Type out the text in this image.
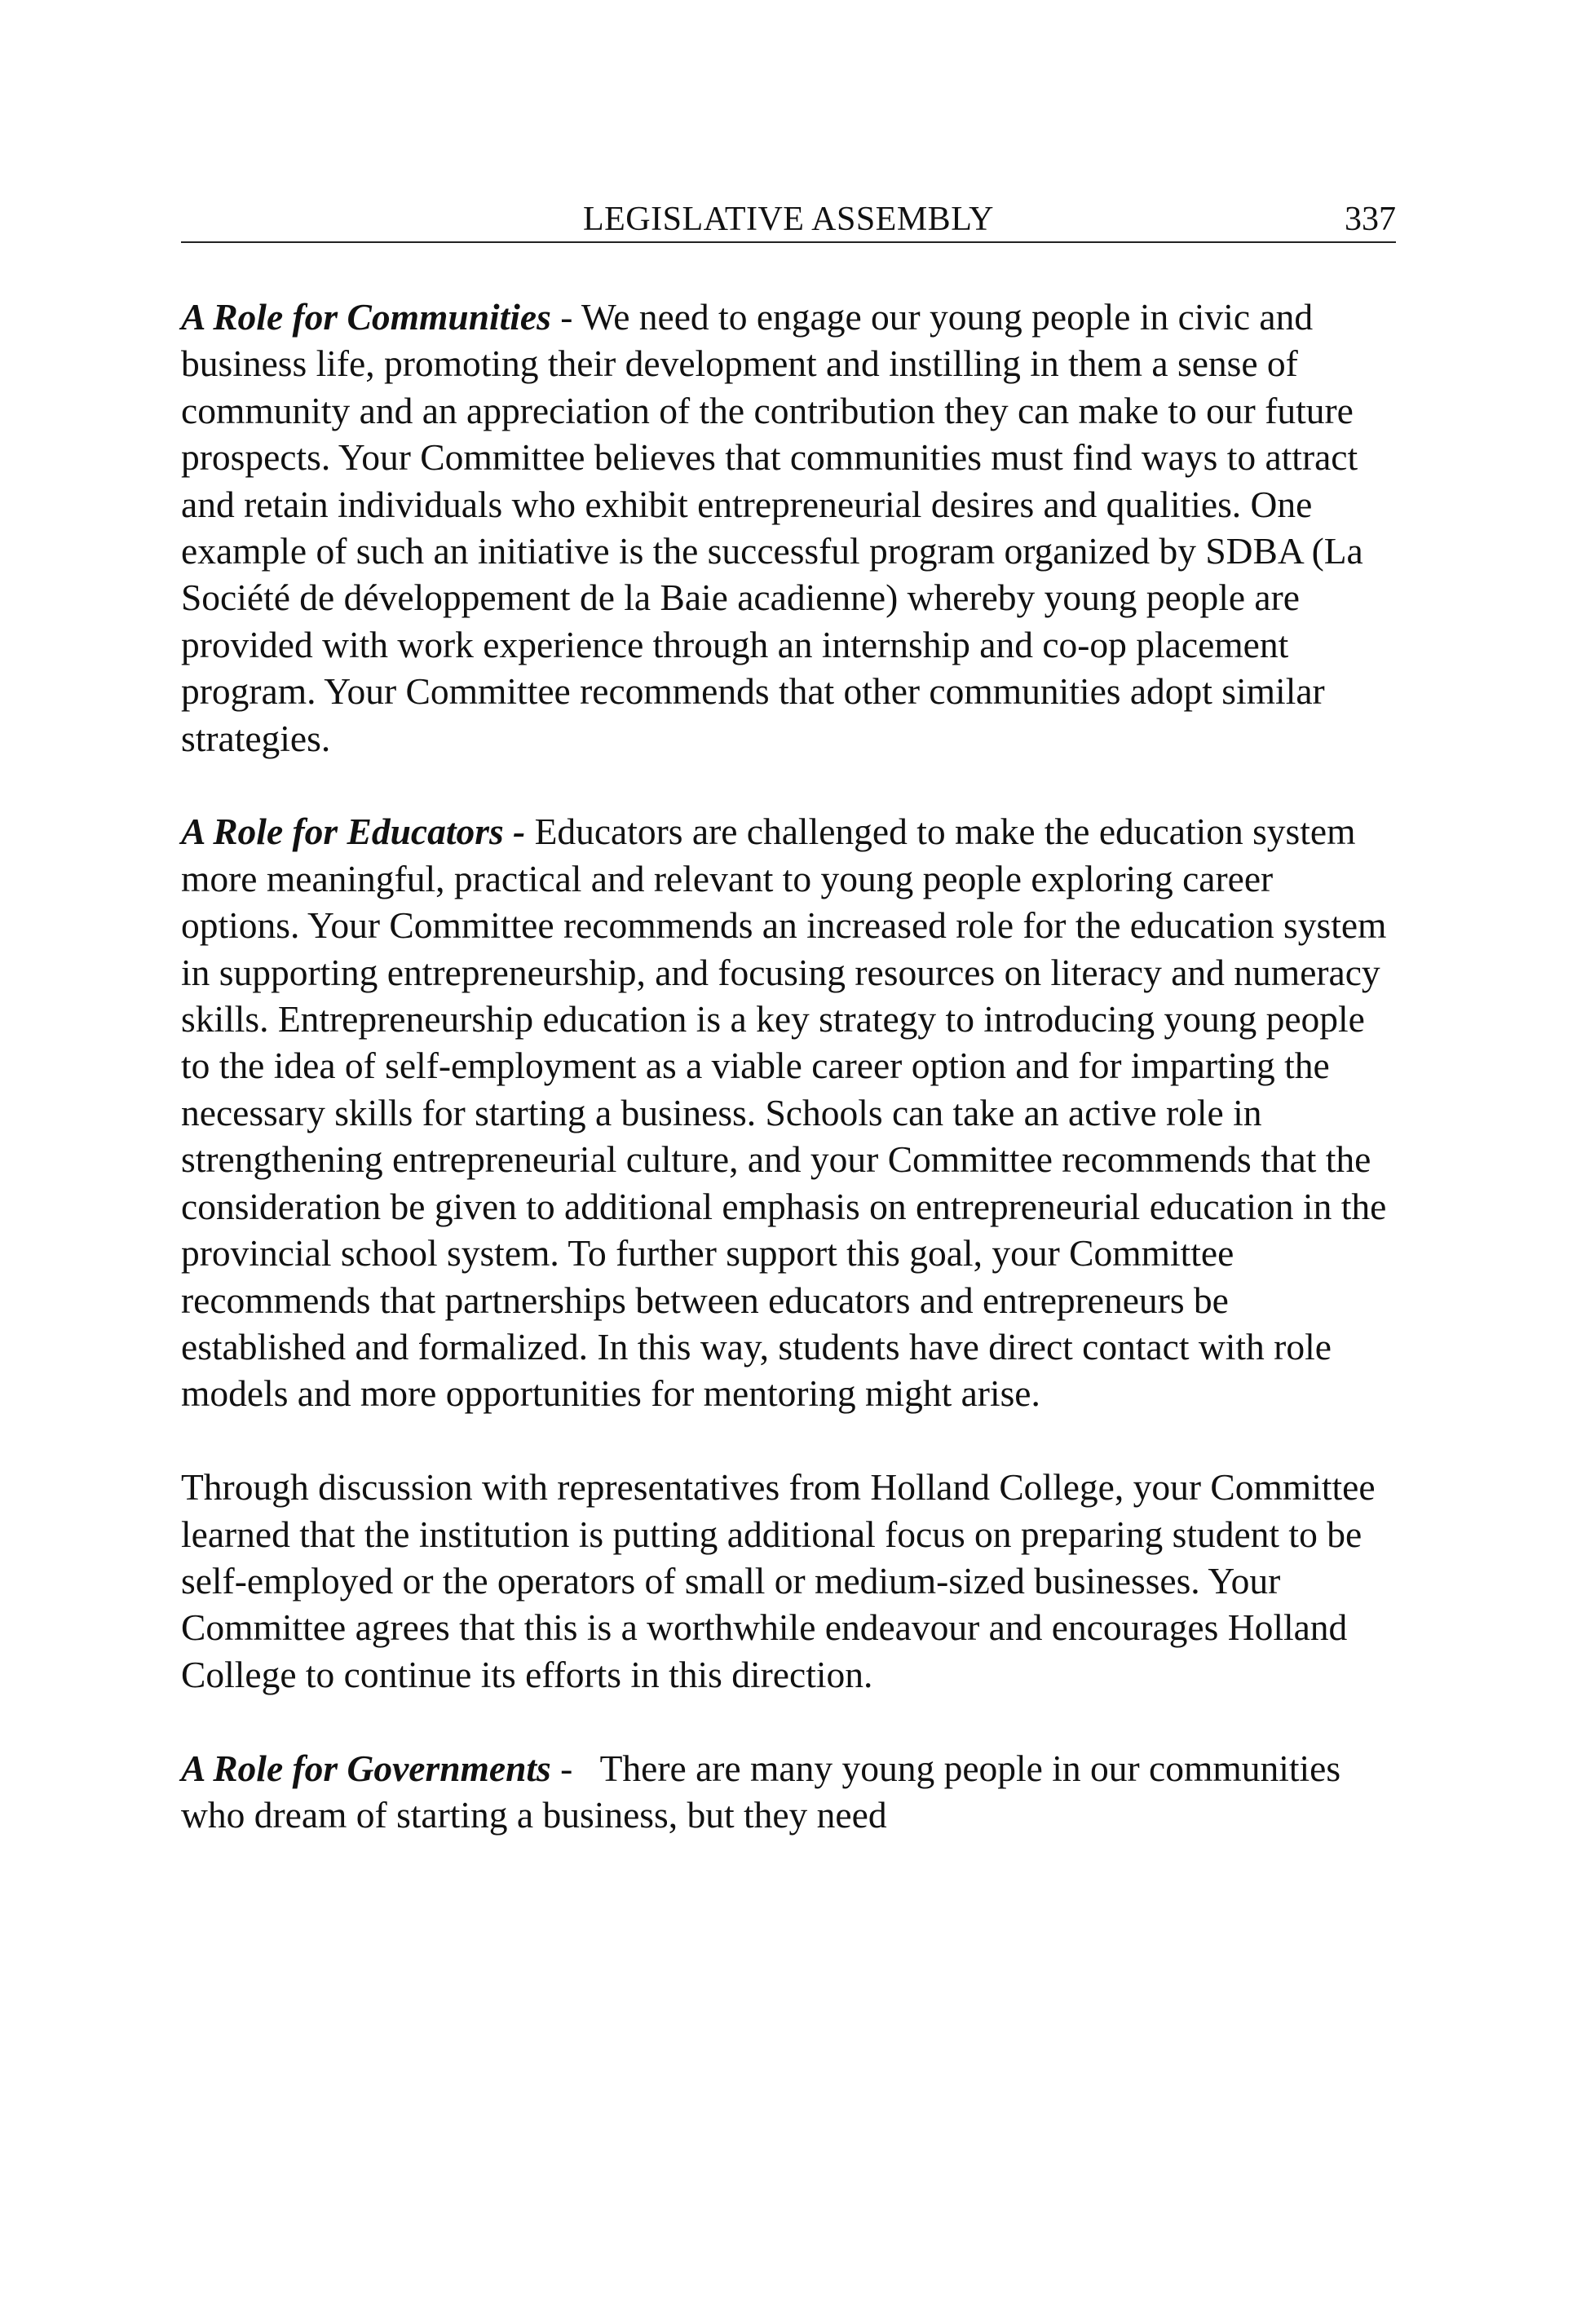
LEGISLATIVE ASSEMBLY	337

A Role for Communities - We need to engage our young people in civic and business life, promoting their development and instilling in them a sense of community and an appreciation of the contribution they can make to our future prospects. Your Committee believes that communities must find ways to attract and retain individuals who exhibit entrepreneurial desires and qualities. One example of such an initiative is the successful program organized by SDBA (La Société de développement de la Baie acadienne) whereby young people are provided with work experience through an internship and co-op placement program. Your Committee recommends that other communities adopt similar strategies.

A Role for Educators - Educators are challenged to make the education system more meaningful, practical and relevant to young people exploring career options. Your Committee recommends an increased role for the education system in supporting entrepreneurship, and focusing resources on literacy and numeracy skills. Entrepreneurship education is a key strategy to introducing young people to the idea of self-employment as a viable career option and for imparting the necessary skills for starting a business. Schools can take an active role in strengthening entrepreneurial culture, and your Committee recommends that the consideration be given to additional emphasis on entrepreneurial education in the provincial school system. To further support this goal, your Committee recommends that partnerships between educators and entrepreneurs be established and formalized. In this way, students have direct contact with role models and more opportunities for mentoring might arise.

Through discussion with representatives from Holland College, your Committee learned that the institution is putting additional focus on preparing student to be self-employed or the operators of small or medium-sized businesses. Your Committee agrees that this is a worthwhile endeavour and encourages Holland College to continue its efforts in this direction.

A Role for Governments -   There are many young people in our communities who dream of starting a business, but they need
